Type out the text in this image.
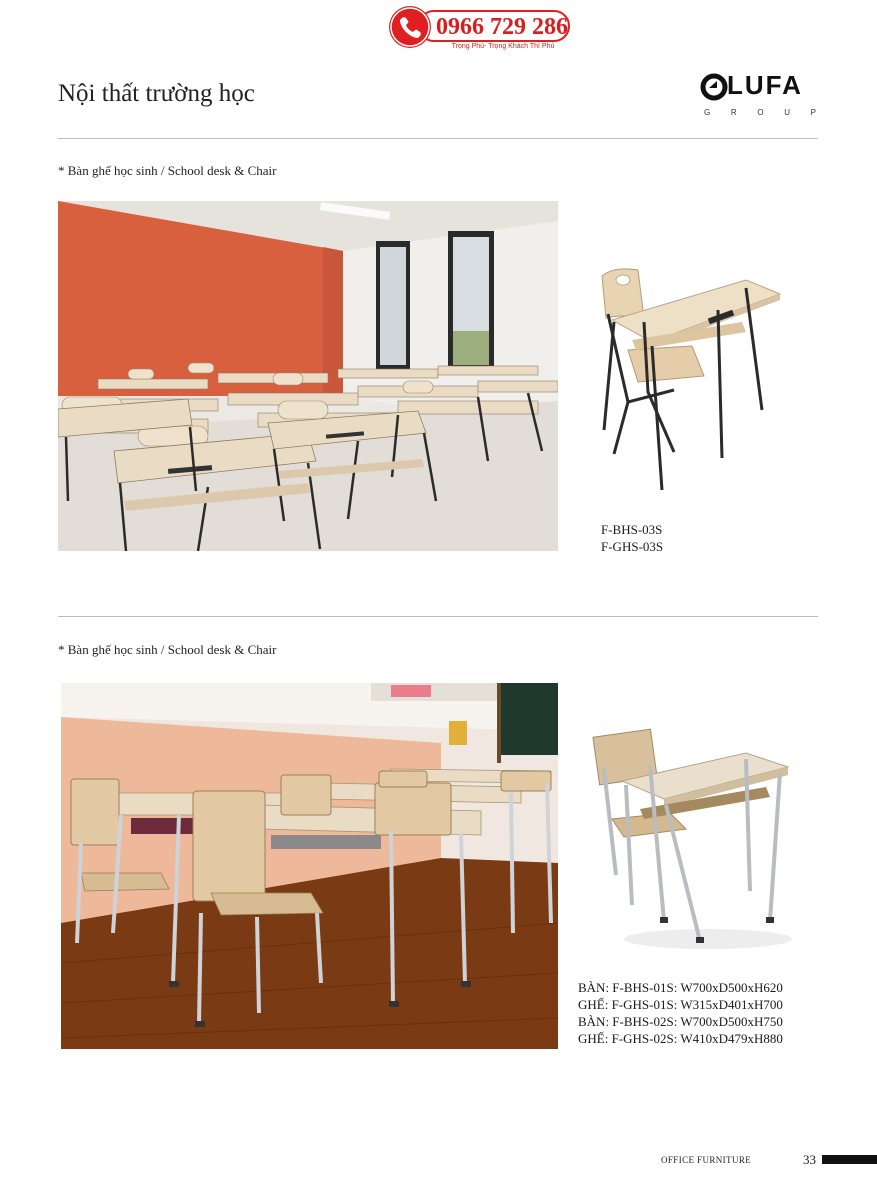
0966 729 286
Trọng Phú- Trọng Khách Thì Phú
Nội thất trường học	LUFA
G	R	O	U	P
* Bàn ghế học sinh / School desk & Chair
F-BHS-03S
F-GHS-03S
* Bàn ghế học sinh / School desk & Chair
BÀN: F-BHS-01S: W700xD500xH620
GHẾ: F-GHS-01S: W315xD401xH700
BÀN: F-BHS-02S: W700xD500xH750
GHẾ: F-GHS-02S: W410xD479xH880
OFFICE FURNITURE	33
